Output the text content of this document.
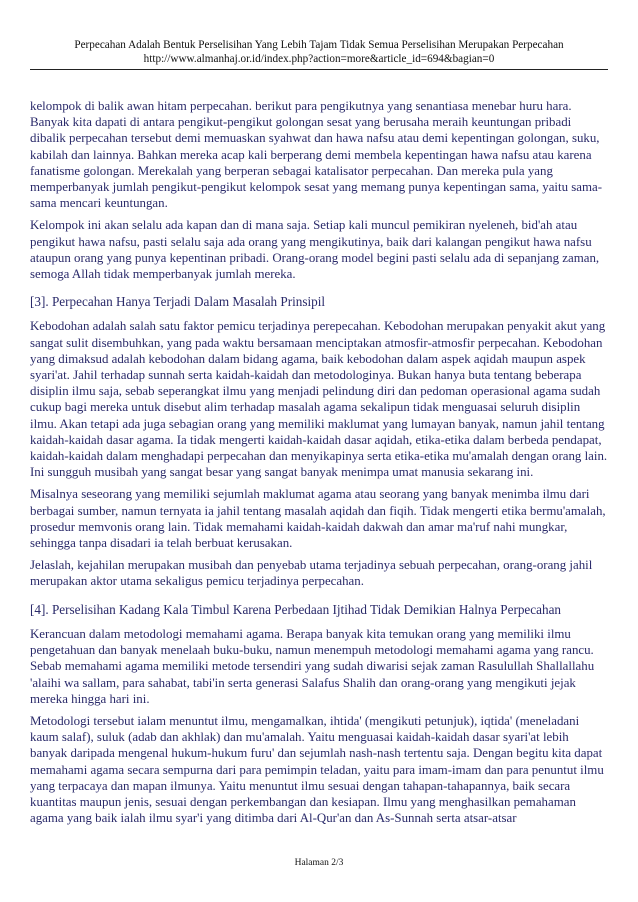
Perpecahan Adalah Bentuk Perselisihan Yang Lebih Tajam Tidak Semua Perselisihan Merupakan Perpecahan
http://www.almanhaj.or.id/index.php?action=more&article_id=694&bagian=0

kelompok di balik awan hitam perpecahan. berikut para pengikutnya yang senantiasa menebar huru hara. Banyak kita dapati di antara pengikut-pengikut golongan sesat yang berusaha meraih keuntungan pribadi dibalik perpecahan tersebut demi memuaskan syahwat dan hawa nafsu atau demi kepentingan golongan, suku, kabilah dan lainnya. Bahkan mereka acap kali berperang demi membela kepentingan hawa nafsu atau karena fanatisme golongan. Merekalah yang berperan sebagai katalisator perpecahan. Dan mereka pula yang memperbanyak jumlah pengikut-pengikut kelompok sesat yang memang punya kepentingan sama, yaitu sama-sama mencari keuntungan.

Kelompok ini akan selalu ada kapan dan di mana saja. Setiap kali muncul pemikiran nyeleneh, bid'ah atau pengikut hawa nafsu, pasti selalu saja ada orang yang mengikutinya, baik dari kalangan pengikut hawa nafsu ataupun orang yang punya kepentinan pribadi. Orang-orang model begini pasti selalu ada di sepanjang zaman, semoga Allah tidak memperbanyak jumlah mereka.

[3]. Perpecahan Hanya Terjadi Dalam Masalah Prinsipil

Kebodohan adalah salah satu faktor pemicu terjadinya perepecahan. Kebodohan merupakan penyakit akut yang sangat sulit disembuhkan, yang pada waktu bersamaan menciptakan atmosfir-atmosfir perpecahan. Kebodohan yang dimaksud adalah kebodohan dalam bidang agama, baik kebodohan dalam aspek aqidah maupun aspek syari'at. Jahil terhadap sunnah serta kaidah-kaidah dan metodologinya. Bukan hanya buta tentang beberapa disiplin ilmu saja, sebab seperangkat ilmu yang menjadi pelindung diri dan pedoman operasional agama sudah cukup bagi mereka untuk disebut alim terhadap masalah agama sekalipun tidak menguasai seluruh disiplin ilmu. Akan tetapi ada juga sebagian orang yang memiliki maklumat yang lumayan banyak, namun jahil tentang kaidah-kaidah dasar agama. Ia tidak mengerti kaidah-kaidah dasar aqidah, etika-etika dalam berbeda pendapat, kaidah-kaidah dalam menghadapi perpecahan dan menyikapinya serta etika-etika mu'amalah dengan orang lain. Ini sungguh musibah yang sangat besar yang sangat banyak menimpa umat manusia sekarang ini.

Misalnya seseorang yang memiliki sejumlah maklumat agama atau seorang yang banyak menimba ilmu dari berbagai sumber, namun ternyata ia jahil tentang masalah aqidah dan fiqih. Tidak mengerti etika bermu'amalah, prosedur memvonis orang lain. Tidak memahami kaidah-kaidah dakwah dan amar ma'ruf nahi mungkar, sehingga tanpa disadari ia telah berbuat kerusakan.

Jelaslah, kejahilan merupakan musibah dan penyebab utama terjadinya sebuah perpecahan, orang-orang jahil merupakan aktor utama sekaligus pemicu terjadinya perpecahan.

[4]. Perselisihan Kadang Kala Timbul Karena Perbedaan Ijtihad Tidak Demikian Halnya Perpecahan

Kerancuan dalam metodologi memahami agama. Berapa banyak kita temukan orang yang memiliki ilmu pengetahuan dan banyak menelaah buku-buku, namun menempuh metodologi memahami agama yang rancu. Sebab memahami agama memiliki metode tersendiri yang sudah diwarisi sejak zaman Rasulullah Shallallahu 'alaihi wa sallam, para sahabat, tabi'in serta generasi Salafus Shalih dan orang-orang yang mengikuti jejak mereka hingga hari ini.

Metodologi tersebut ialam menuntut ilmu, mengamalkan, ihtida' (mengikuti petunjuk), iqtida' (meneladani kaum salaf), suluk (adab dan akhlak) dan mu'amalah. Yaitu menguasai kaidah-kaidah dasar syari'at lebih banyak daripada mengenal hukum-hukum furu' dan sejumlah nash-nash tertentu saja. Dengan begitu kita dapat memahami agama secara sempurna dari para pemimpin teladan, yaitu para imam-imam dan para penuntut ilmu yang terpacaya dan mapan ilmunya. Yaitu menuntut ilmu sesuai dengan tahapan-tahapannya, baik secara kuantitas maupun jenis, sesuai dengan perkembangan dan kesiapan. Ilmu yang menghasilkan pemahaman agama yang baik ialah ilmu syar'i yang ditimba dari Al-Qur'an dan As-Sunnah serta atsar-atsar

Halaman 2/3
